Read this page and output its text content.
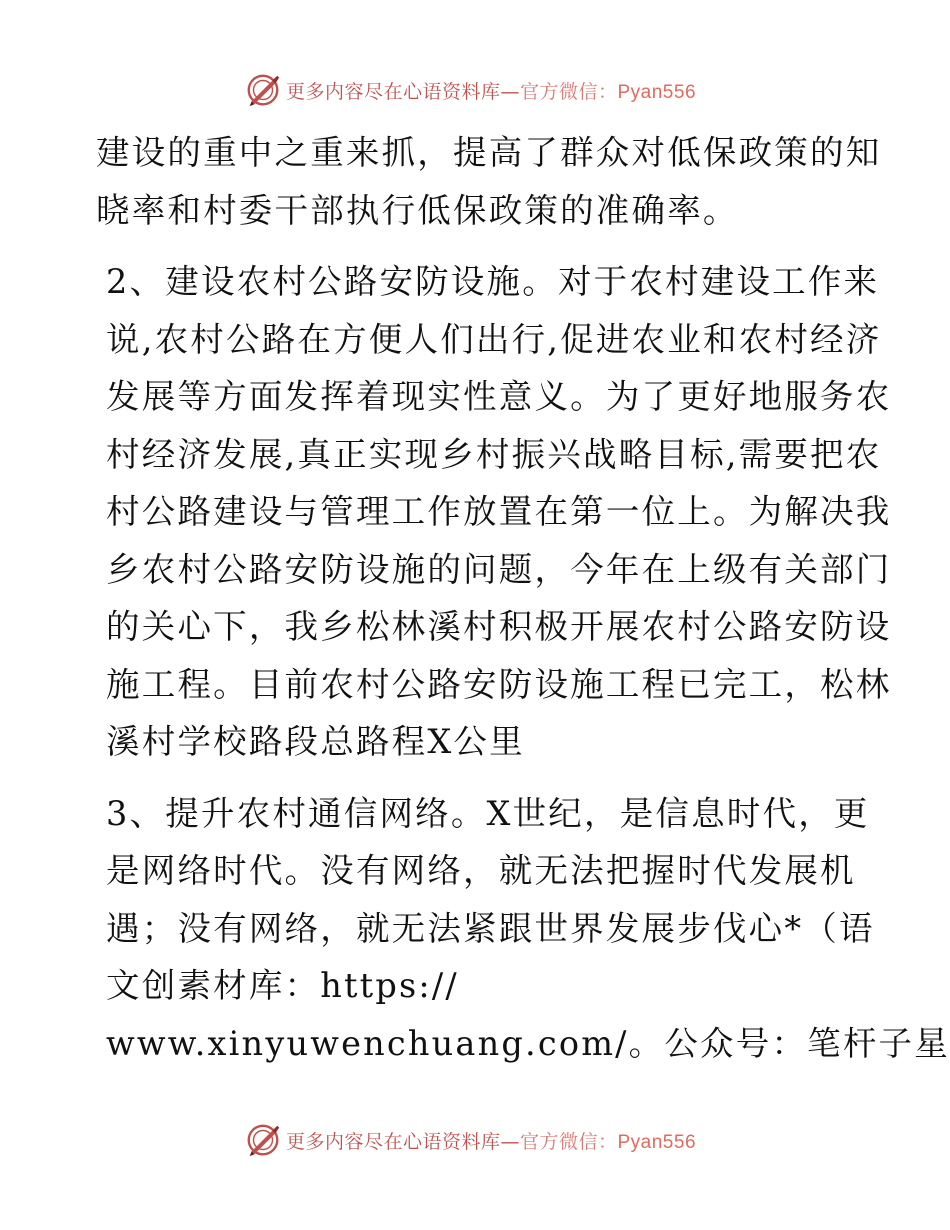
更多内容尽在心语资料库—官方微信：Pyan556

建设的重中之重来抓，提高了群众对低保政策的知
晓率和村委干部执行低保政策的准确率。

2、建设农村公路安防设施。对于农村建设工作来
说,农村公路在方便人们出行,促进农业和农村经济
发展等方面发挥着现实性意义。为了更好地服务农
村经济发展,真正实现乡村振兴战略目标,需要把农
村公路建设与管理工作放置在第一位上。为解决我
乡农村公路安防设施的问题，今年在上级有关部门
的关心下，我乡松林溪村积极开展农村公路安防设
施工程。目前农村公路安防设施工程已完工，松林
溪村学校路段总路程X公里

3、提升农村通信网络。X世纪，是信息时代，更
是网络时代。没有网络，就无法把握时代发展机
遇；没有网络，就无法紧跟世界发展步伐心*（语
文创素材库：https://
www.xinyuwenchuang.com/。公众号：笔杆子星

更多内容尽在心语资料库—官方微信：Pyan556
